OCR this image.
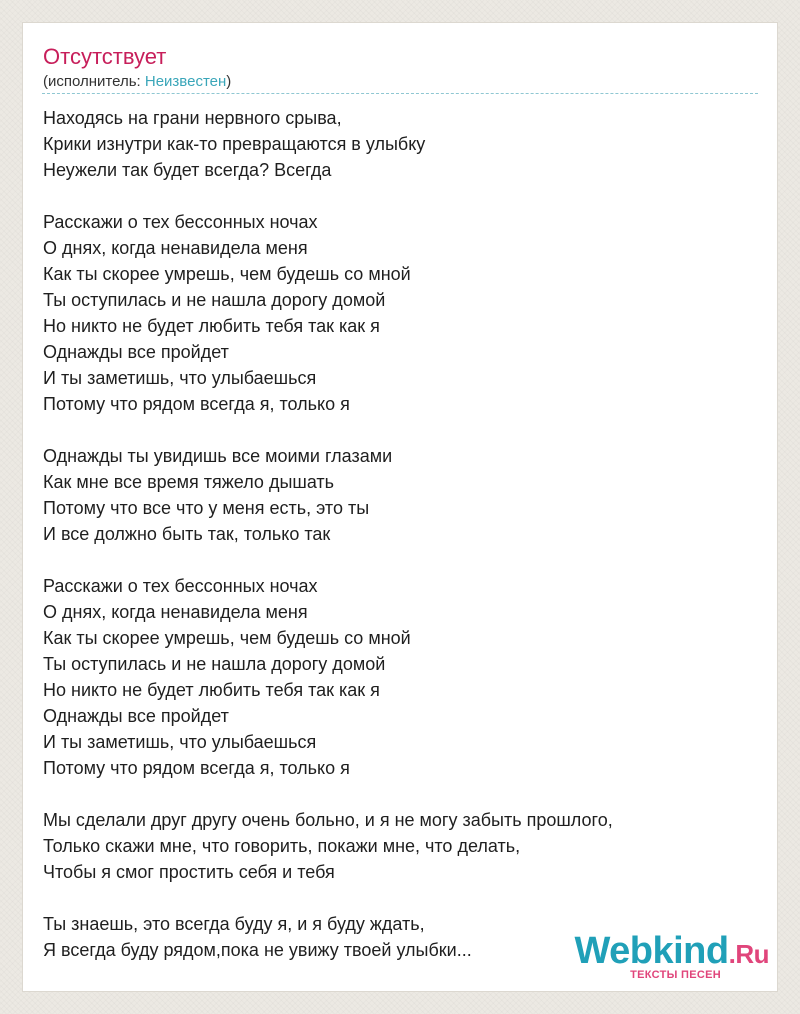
Отсутствует
(исполнитель: Неизвестен)
Находясь на грани нервного срыва,
Крики изнутри как-то превращаются в улыбку
Неужели так будет всегда? Всегда
Расскажи о тех бессонных ночах
О днях, когда ненавидела меня
Как ты скорее умрешь, чем будешь со мной
Ты оступилась и не нашла дорогу домой
Но никто не будет любить тебя так как я
Однажды все пройдет
И ты заметишь, что улыбаешься
Потому что рядом всегда я, только я
Однажды ты увидишь все моими глазами
Как мне все время тяжело дышать
Потому что все что у меня есть, это ты
И все должно быть так, только так
Расскажи о тех бессонных ночах
О днях, когда ненавидела меня
Как ты скорее умрешь, чем будешь со мной
Ты оступилась и не нашла дорогу домой
Но никто не будет любить тебя так как я
Однажды все пройдет
И ты заметишь, что улыбаешься
Потому что рядом всегда я, только я
Мы сделали друг другу очень больно, и я не могу забыть прошлого,
Только скажи мне, что говорить, покажи мне, что делать,
Чтобы я смог простить себя и тебя
Ты знаешь, это всегда буду я, и я буду ждать,
Я всегда буду рядом,пока не увижу твоей улыбки...	Webkind.Ru
ТЕКСТЫ ПЕСЕН
